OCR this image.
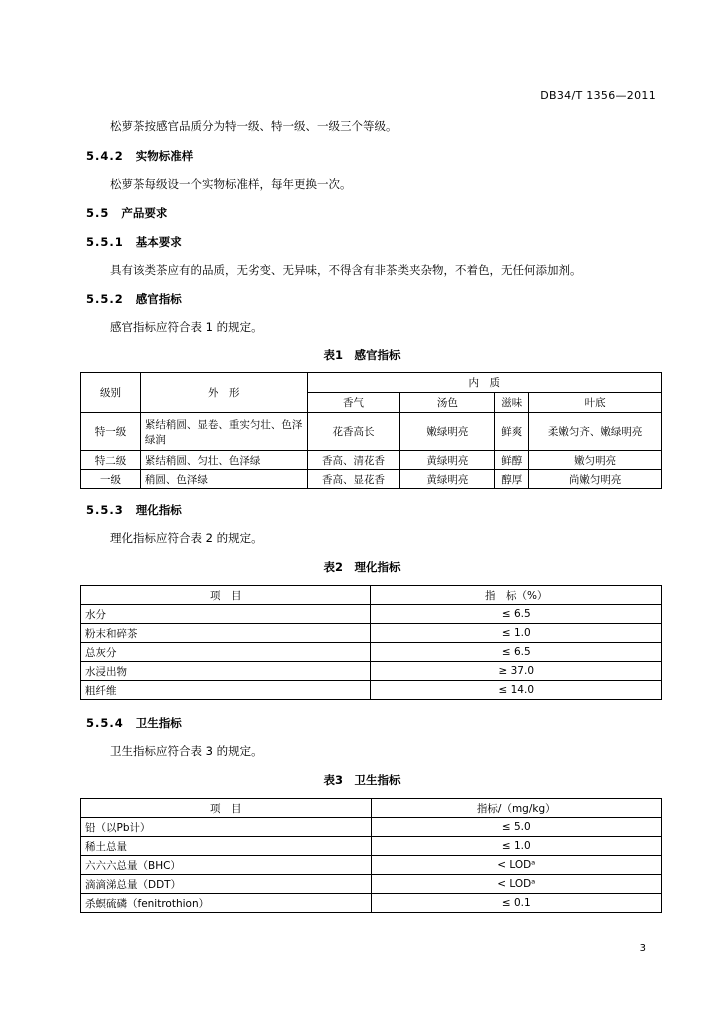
DB34/T 1356—2011
松萝茶按感官品质分为特一级、特一级、一级三个等级。
5.4.2 实物标准样
松萝茶每级设一个实物标准样，每年更换一次。
5.5 产品要求
5.5.1 基本要求
具有该类茶应有的品质，无劣变、无异味，不得含有非茶类夹杂物，不着色，无任何添加剂。
5.5.2 感官指标
感官指标应符合表 1 的规定。
表1　感官指标
级别	外　形	内　质			
		香气	汤色	滋味	叶底
特一级	紧结稍圆、显卷、重实匀壮、色泽绿润	花香高长	嫩绿明亮	鲜爽	柔嫩匀齐、嫩绿明亮
特二级	紧结稍圆、匀壮、色泽绿	香高、清花香	黄绿明亮	鲜醇	嫩匀明亮
一级	稍圆、色泽绿	香高、显花香	黄绿明亮	醇厚	尚嫩匀明亮
5.5.3 理化指标
理化指标应符合表 2 的规定。
表2　理化指标
项　目	指　标（%）
水分	≤ 6.5
粉末和碎茶	≤ 1.0
总灰分	≤ 6.5
水浸出物	≥ 37.0
粗纤维	≤ 14.0
5.5.4 卫生指标
卫生指标应符合表 3 的规定。
表3　卫生指标
项　目	指标/（mg/kg）
铅（以Pb计）	≤ 5.0
稀土总量	≤ 1.0
六六六总量（BHC）	< LODᵃ
滴滴涕总量（DDT）	< LODᵃ
杀螟硫磷（fenitrothion）	≤ 0.1
3
